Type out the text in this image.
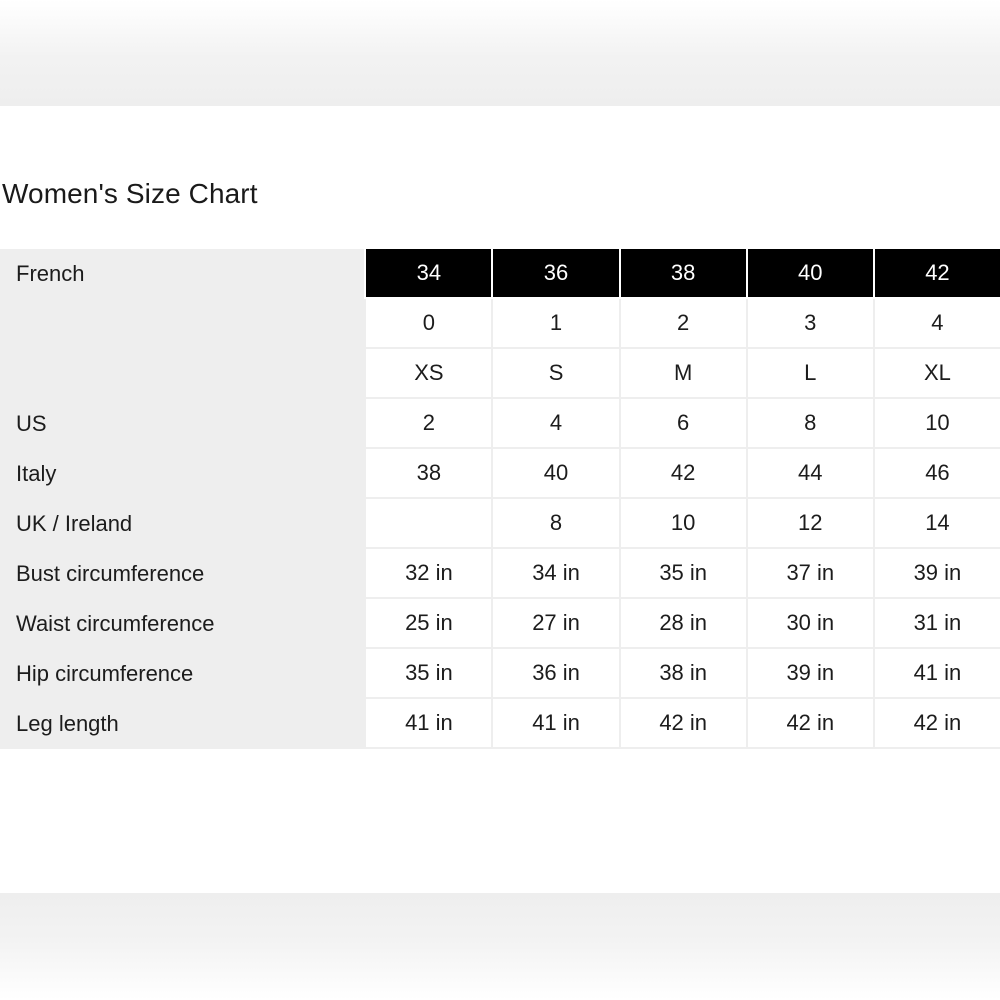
Women's Size Chart
French	34	36	38	40	42
	0	1	2	3	4
	XS	S	M	L	XL
US	2	4	6	8	10
Italy	38	40	42	44	46
UK / Ireland		8	10	12	14
Bust circumference	32 in	34 in	35 in	37 in	39 in
Waist circumference	25 in	27 in	28 in	30 in	31 in
Hip circumference	35 in	36 in	38 in	39 in	41 in
Leg length	41 in	41 in	42 in	42 in	42 in
